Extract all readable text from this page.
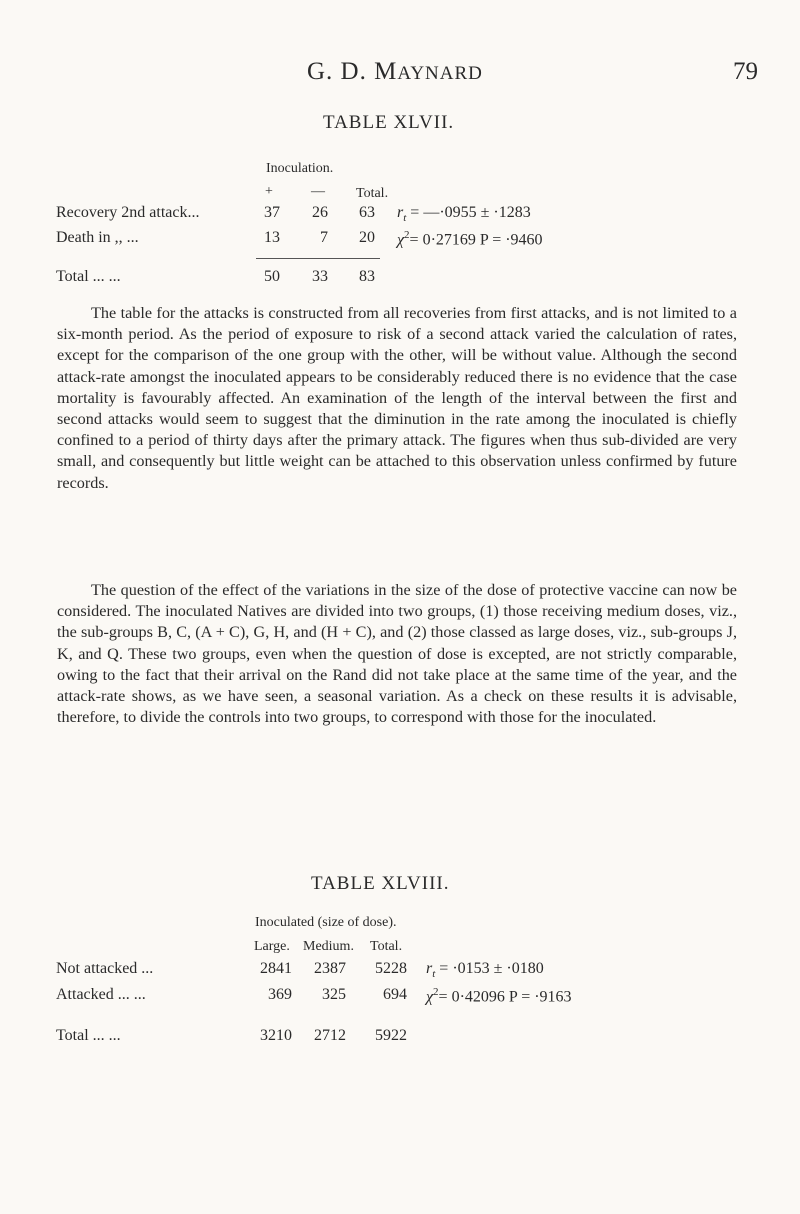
G. D. MAYNARD	79
TABLE XLVII.
Inoculation.
+	— Total.
Recovery 2nd attack...	37	26	63 $r_t$ = —·0955 ± ·1283
Death in ,, ...	13	7	20 $\chi^2= 0\cdot 27169$ P = ·9460
Total ... ...	50	33	83
The table for the attacks is constructed from all recoveries from first attacks, and is not limited to a six-month period. As the period of exposure to risk of a second attack varied the calculation of rates, except for the comparison of the one group with the other, will be without value. Although the second attack-rate amongst the inoculated appears to be considerably reduced there is no evidence that the case mortality is favourably affected. An examination of the length of the interval between the first and second attacks would seem to suggest that the diminution in the rate among the inoculated is chiefly confined to a period of thirty days after the primary attack. The figures when thus sub-divided are very small, and consequently but little weight can be attached to this observation unless confirmed by future records.
The question of the effect of the variations in the size of the dose of protective vaccine can now be considered. The inoculated Natives are divided into two groups, (1) those receiving medium doses, viz., the sub-groups B, C, (A + C), G, H, and (H + C), and (2) those classed as large doses, viz., sub-groups J, K, and Q. These two groups, even when the question of dose is excepted, are not strictly comparable, owing to the fact that their arrival on the Rand did not take place at the same time of the year, and the attack-rate shows, as we have seen, a seasonal variation. As a check on these results it is advisable, therefore, to divide the controls into two groups, to correspond with those for the inoculated.
TABLE XLVIII.
Inoculated (size of dose).
Large. Medium. Total.
Not attacked ...	2841	2387	5228 $r_t = \cdot 0153 \pm \cdot 0180$
Attacked ... ...	369	325	694 $\chi^2= 0\cdot 42096$ P = ·9163
Total ... ...	3210	2712	5922
